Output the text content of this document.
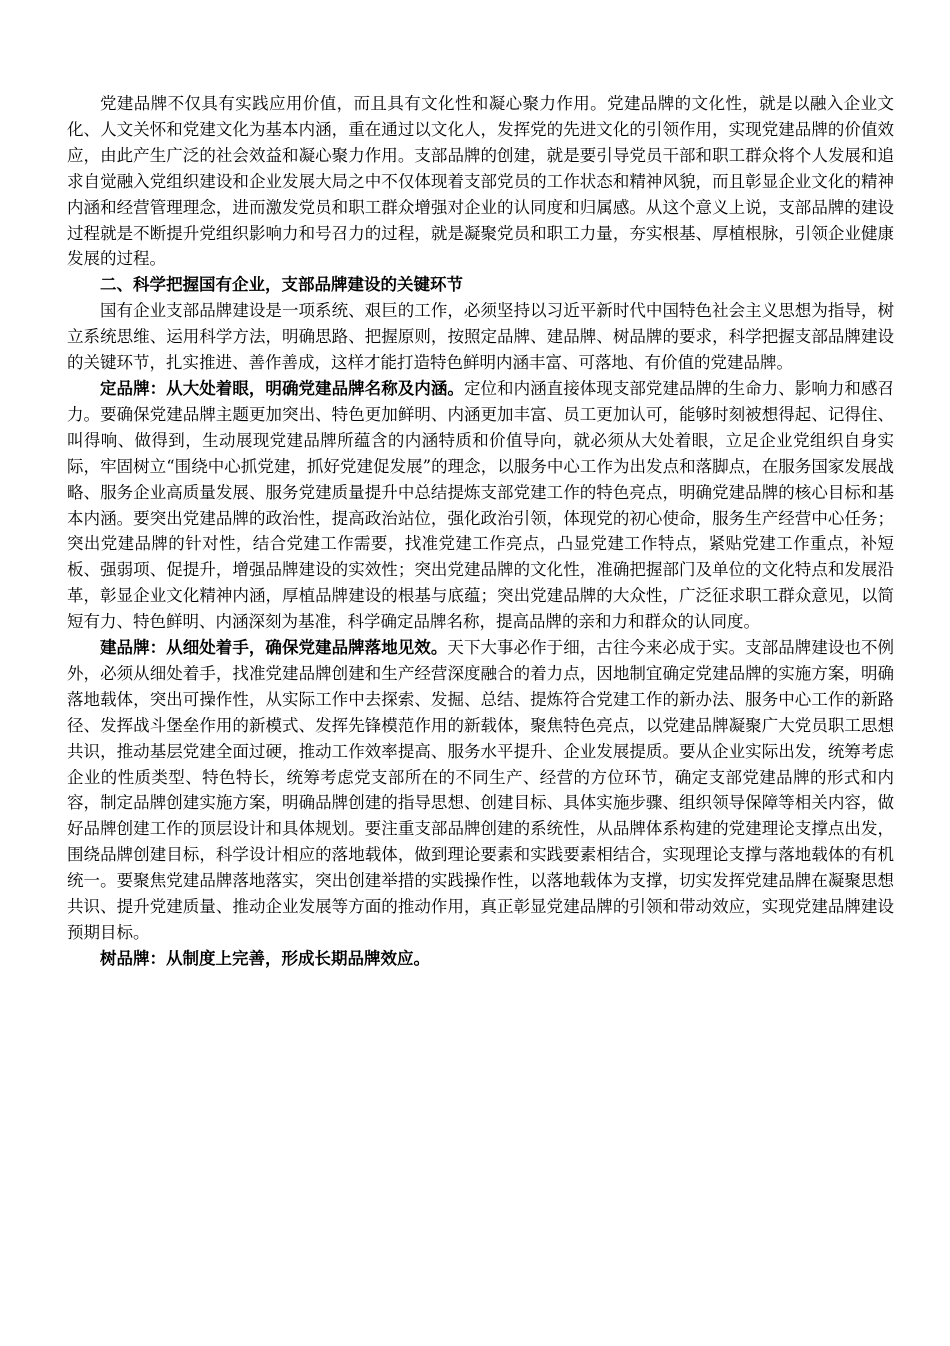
党建品牌不仅具有实践应用价值，而且具有文化性和凝心聚力作用。党建品牌的文化性，就是以融入企业文化、人文关怀和党建文化为基本内涵，重在通过以文化人，发挥党的先进文化的引领作用，实现党建品牌的价值效应，由此产生广泛的社会效益和凝心聚力作用。支部品牌的创建，就是要引导党员干部和职工群众将个人发展和追求自觉融入党组织建设和企业发展大局之中不仅体现着支部党员的工作状态和精神风貌，而且彰显企业文化的精神内涵和经营管理理念，进而激发党员和职工群众增强对企业的认同度和归属感。从这个意义上说，支部品牌的建设过程就是不断提升党组织影响力和号召力的过程，就是凝聚党员和职工力量，夯实根基、厚植根脉，引领企业健康发展的过程。

二、科学把握国有企业，支部品牌建设的关键环节

国有企业支部品牌建设是一项系统、艰巨的工作，必须坚持以习近平新时代中国特色社会主义思想为指导，树立系统思维、运用科学方法，明确思路、把握原则，按照定品牌、建品牌、树品牌的要求，科学把握支部品牌建设的关键环节，扎实推进、善作善成，这样才能打造特色鲜明内涵丰富、可落地、有价值的党建品牌。

定品牌：从大处着眼，明确党建品牌名称及内涵。定位和内涵直接体现支部党建品牌的生命力、影响力和感召力。要确保党建品牌主题更加突出、特色更加鲜明、内涵更加丰富、员工更加认可，能够时刻被想得起、记得住、叫得响、做得到，生动展现党建品牌所蕴含的内涵特质和价值导向，就必须从大处着眼，立足企业党组织自身实际，牢固树立“围绕中心抓党建，抓好党建促发展”的理念，以服务中心工作为出发点和落脚点，在服务国家发展战略、服务企业高质量发展、服务党建质量提升中总结提炼支部党建工作的特色亮点，明确党建品牌的核心目标和基本内涵。要突出党建品牌的政治性，提高政治站位，强化政治引领，体现党的初心使命，服务生产经营中心任务；突出党建品牌的针对性，结合党建工作需要，找准党建工作亮点，凸显党建工作特点，紧贴党建工作重点，补短板、强弱项、促提升，增强品牌建设的实效性；突出党建品牌的文化性，准确把握部门及单位的文化特点和发展沿革，彰显企业文化精神内涵，厚植品牌建设的根基与底蕴；突出党建品牌的大众性，广泛征求职工群众意见，以简短有力、特色鲜明、内涵深刻为基准，科学确定品牌名称，提高品牌的亲和力和群众的认同度。

建品牌：从细处着手，确保党建品牌落地见效。天下大事必作于细，古往今来必成于实。支部品牌建设也不例外，必须从细处着手，找准党建品牌创建和生产经营深度融合的着力点，因地制宜确定党建品牌的实施方案，明确落地载体，突出可操作性，从实际工作中去探索、发掘、总结、提炼符合党建工作的新办法、服务中心工作的新路径、发挥战斗堡垒作用的新模式、发挥先锋模范作用的新载体，聚焦特色亮点，以党建品牌凝聚广大党员职工思想共识，推动基层党建全面过硬，推动工作效率提高、服务水平提升、企业发展提质。要从企业实际出发，统筹考虑企业的性质类型、特色特长，统筹考虑党支部所在的不同生产、经营的方位环节，确定支部党建品牌的形式和内容，制定品牌创建实施方案，明确品牌创建的指导思想、创建目标、具体实施步骤、组织领导保障等相关内容，做好品牌创建工作的顶层设计和具体规划。要注重支部品牌创建的系统性，从品牌体系构建的党建理论支撑点出发，围绕品牌创建目标，科学设计相应的落地载体，做到理论要素和实践要素相结合，实现理论支撑与落地载体的有机统一。要聚焦党建品牌落地落实，突出创建举措的实践操作性，以落地载体为支撑，切实发挥党建品牌在凝聚思想共识、提升党建质量、推动企业发展等方面的推动作用，真正彰显党建品牌的引领和带动效应，实现党建品牌建设预期目标。

树品牌：从制度上完善，形成长期品牌效应。
